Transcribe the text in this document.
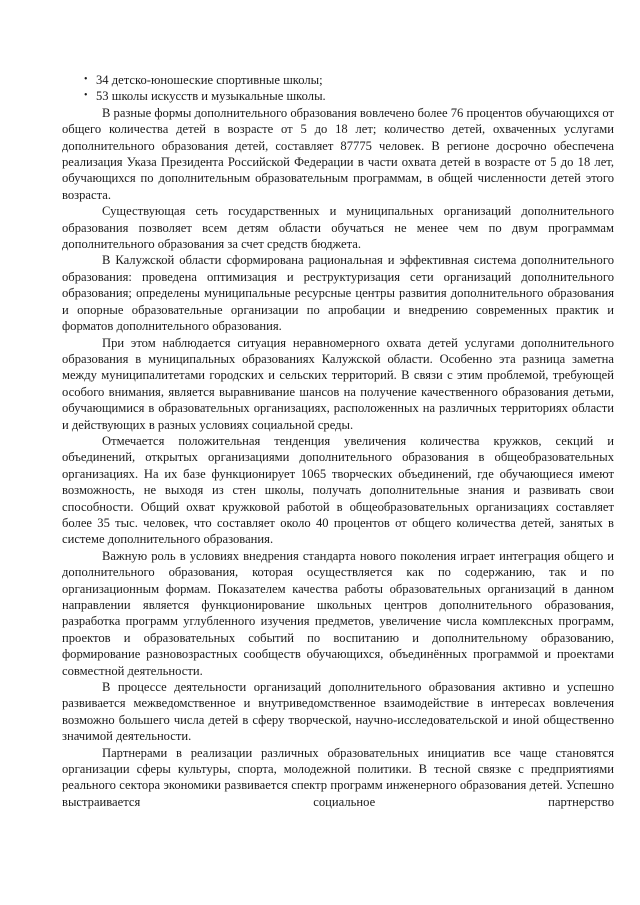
• 34 детско-юношеские спортивные школы;
• 53 школы искусств и музыкальные школы.

В разные формы дополнительного образования вовлечено более 76 процентов обучающихся от общего количества детей в возрасте от 5 до 18 лет; количество детей, охваченных услугами дополнительного образования детей, составляет 87775 человек. В регионе досрочно обеспечена реализация Указа Президента Российской Федерации в части охвата детей в возрасте от 5 до 18 лет, обучающихся по дополнительным образовательным программам, в общей численности детей этого возраста.

Существующая сеть государственных и муниципальных организаций дополнительного образования позволяет всем детям области обучаться не менее чем по двум программам дополнительного образования за счет средств бюджета.

В Калужской области сформирована рациональная и эффективная система дополнительного образования: проведена оптимизация и реструктуризация сети организаций дополнительного образования; определены муниципальные ресурсные центры развития дополнительного образования и опорные образовательные организации по апробации и внедрению современных практик и форматов дополнительного образования.

При этом наблюдается ситуация неравномерного охвата детей услугами дополнительного образования в муниципальных образованиях Калужской области. Особенно эта разница заметна между муниципалитетами городских и сельских территорий. В связи с этим проблемой, требующей особого внимания, является выравнивание шансов на получение качественного образования детьми, обучающимися в образовательных организациях, расположенных на различных территориях области и действующих в разных условиях социальной среды.

Отмечается положительная тенденция увеличения количества кружков, секций и объединений, открытых организациями дополнительного образования в общеобразовательных организациях. На их базе функционирует 1065 творческих объединений, где обучающиеся имеют возможность, не выходя из стен школы, получать дополнительные знания и развивать свои способности. Общий охват кружковой работой в общеобразовательных организациях составляет более 35 тыс. человек, что составляет около 40 процентов от общего количества детей, занятых в системе дополнительного образования.

Важную роль в условиях внедрения стандарта нового поколения играет интеграция общего и дополнительного образования, которая осуществляется как по содержанию, так и по организационным формам. Показателем качества работы образовательных организаций в данном направлении является функционирование школьных центров дополнительного образования, разработка программ углубленного изучения предметов, увеличение числа комплексных программ, проектов и образовательных событий по воспитанию и дополнительному образованию, формирование разновозрастных сообществ обучающихся, объединённых программой и проектами совместной деятельности.

В процессе деятельности организаций дополнительного образования активно и успешно развивается межведомственное и внутриведомственное взаимодействие в интересах вовлечения возможно большего числа детей в сферу творческой, научно-исследовательской и иной общественно значимой деятельности.

Партнерами в реализации различных образовательных инициатив все чаще становятся организации сферы культуры, спорта, молодежной политики. В тесной связке с предприятиями реального сектора экономики развивается спектр программ инженерного образования детей. Успешно выстраивается социальное партнерство
